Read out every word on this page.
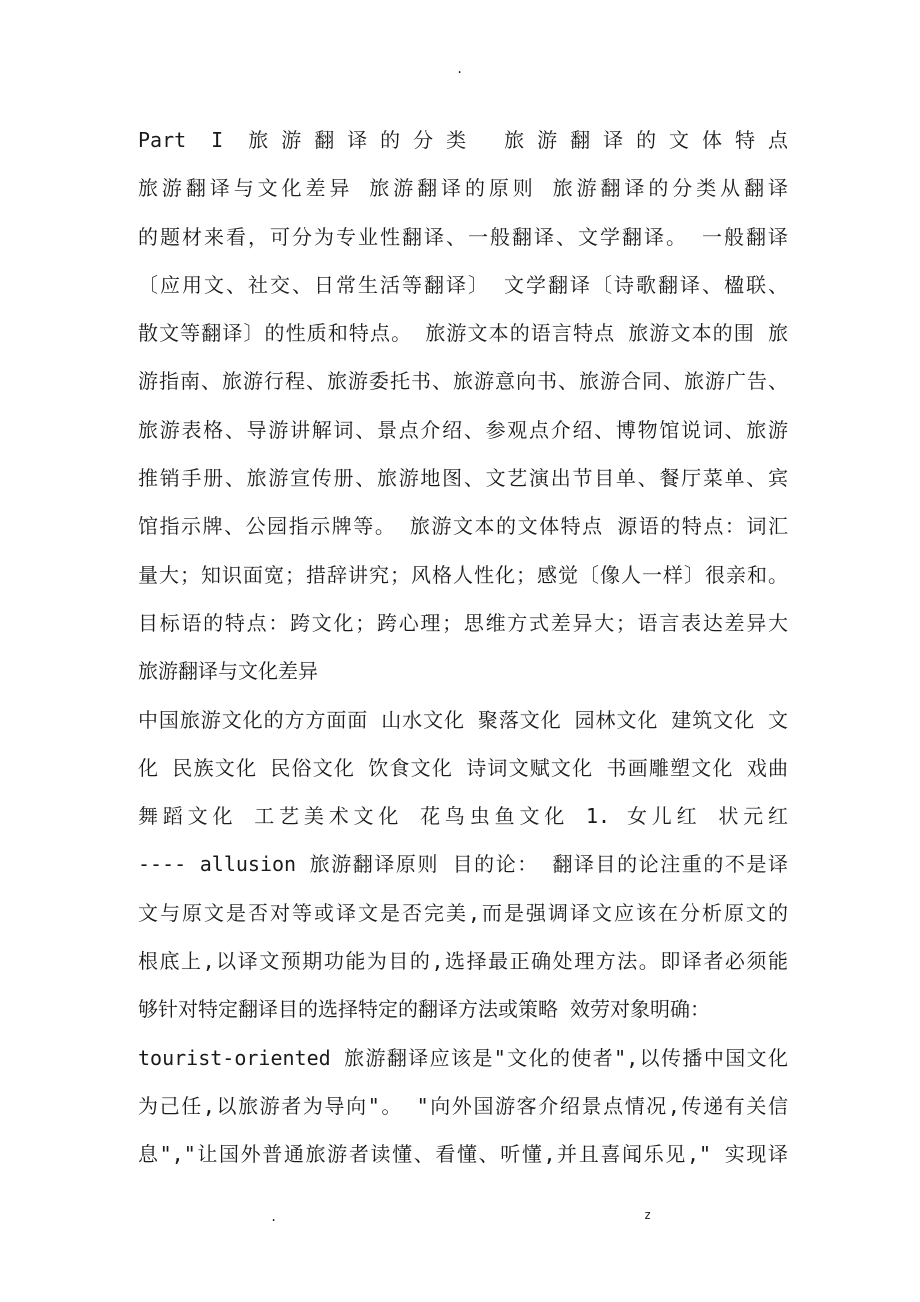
.
Part I 旅游翻译的分类 旅游翻译的文体特点
旅游翻译与文化差异 旅游翻译的原则 旅游翻译的分类从翻译
的题材来看，可分为专业性翻译、一般翻译、文学翻译。 一般翻译
〔应用文、社交、日常生活等翻译〕 文学翻译〔诗歌翻译、楹联、
散文等翻译〕的性质和特点。 旅游文本的语言特点 旅游文本的围 旅
游指南、旅游行程、旅游委托书、旅游意向书、旅游合同、旅游广告、
旅游表格、导游讲解词、景点介绍、参观点介绍、博物馆说词、旅游
推销手册、旅游宣传册、旅游地图、文艺演出节目单、餐厅菜单、宾
馆指示牌、公园指示牌等。 旅游文本的文体特点 源语的特点：词汇
量大；知识面宽；措辞讲究；风格人性化；感觉〔像人一样〕很亲和。
目标语的特点：跨文化；跨心理；思维方式差异大；语言表达差异大
旅游翻译与文化差异
中国旅游文化的方方面面 山水文化 聚落文化 园林文化 建筑文化 文
化 民族文化 民俗文化 饮食文化 诗词文赋文化 书画雕塑文化 戏曲
舞蹈文化 工艺美术文化 花鸟虫鱼文化 1. 女儿红 状元红
---- allusion 旅游翻译原则 目的论： 翻译目的论注重的不是译
文与原文是否对等或译文是否完美,而是强调译文应该在分析原文的
根底上,以译文预期功能为目的,选择最正确处理方法。即译者必须能
够针对特定翻译目的选择特定的翻译方法或策略 效劳对象明确：
tourist-oriented 旅游翻译应该是"文化的使者",以传播中国文化
为己任,以旅游者为导向"。 "向外国游客介绍景点情况,传递有关信
息","让国外普通旅游者读懂、看懂、听懂,并且喜闻乐见," 实现译
.	z
